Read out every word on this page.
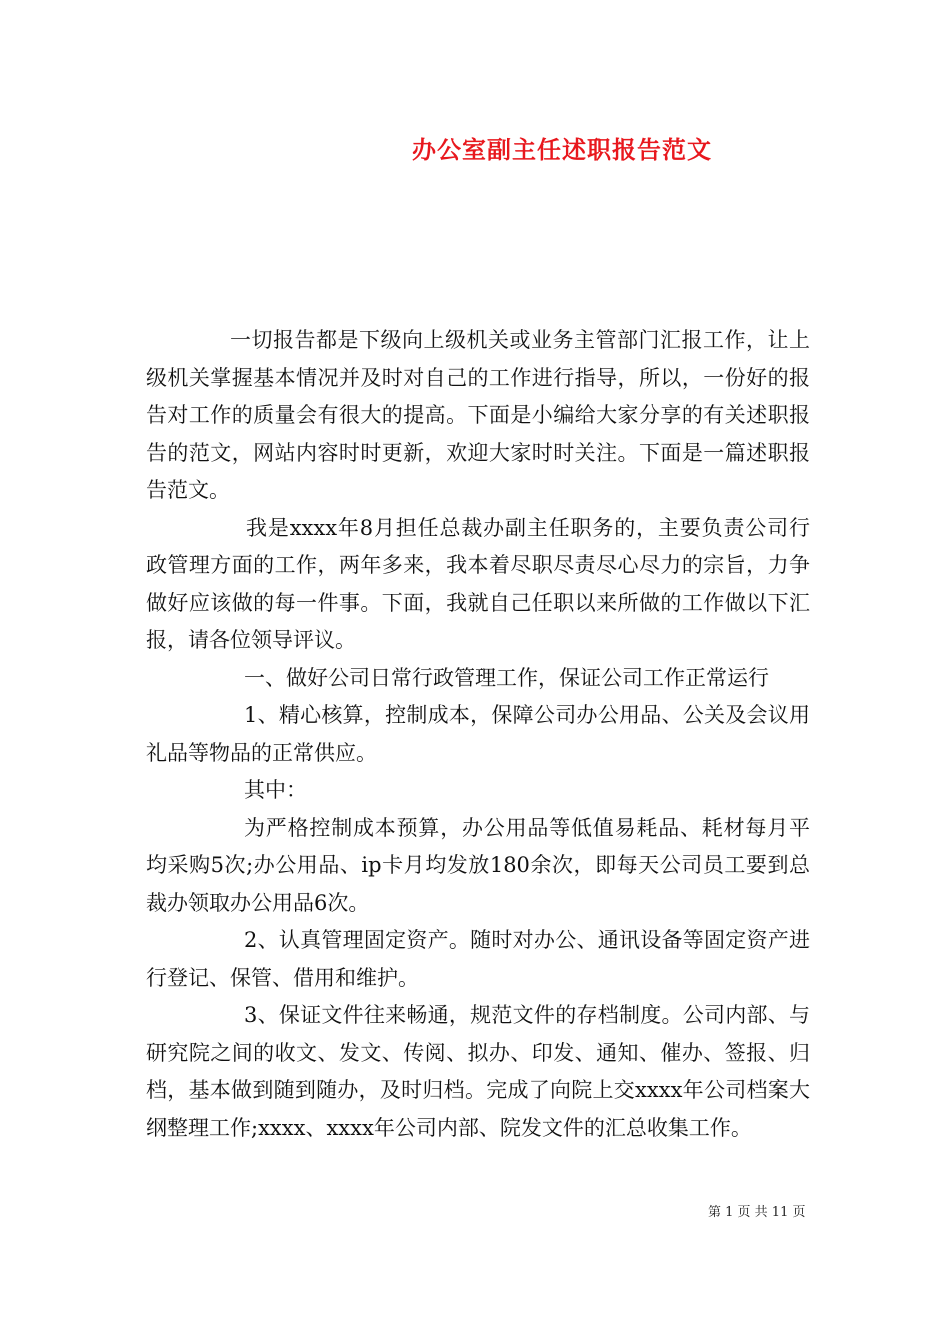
办公室副主任述职报告范文

一切报告都是下级向上级机关或业务主管部门汇报工作，让上级机关掌握基本情况并及时对自己的工作进行指导，所以，一份好的报告对工作的质量会有很大的提高。下面是小编给大家分享的有关述职报告的范文，网站内容时时更新，欢迎大家时时关注。下面是一篇述职报告范文。

我是xxxx年8月担任总裁办副主任职务的，主要负责公司行政管理方面的工作，两年多来，我本着尽职尽责尽心尽力的宗旨，力争做好应该做的每一件事。下面，我就自己任职以来所做的工作做以下汇报，请各位领导评议。

一、做好公司日常行政管理工作，保证公司工作正常运行

1、精心核算，控制成本，保障公司办公用品、公关及会议用礼品等物品的正常供应。

其中：

为严格控制成本预算，办公用品等低值易耗品、耗材每月平均采购5次;办公用品、ip卡月均发放180余次，即每天公司员工要到总裁办领取办公用品6次。

2、认真管理固定资产。随时对办公、通讯设备等固定资产进行登记、保管、借用和维护。

3、保证文件往来畅通，规范文件的存档制度。公司内部、与研究院之间的收文、发文、传阅、拟办、印发、通知、催办、签报、归档，基本做到随到随办，及时归档。完成了向院上交xxxx年公司档案大纲整理工作;xxxx、xxxx年公司内部、院发文件的汇总收集工作。

第 1 页 共 11 页
